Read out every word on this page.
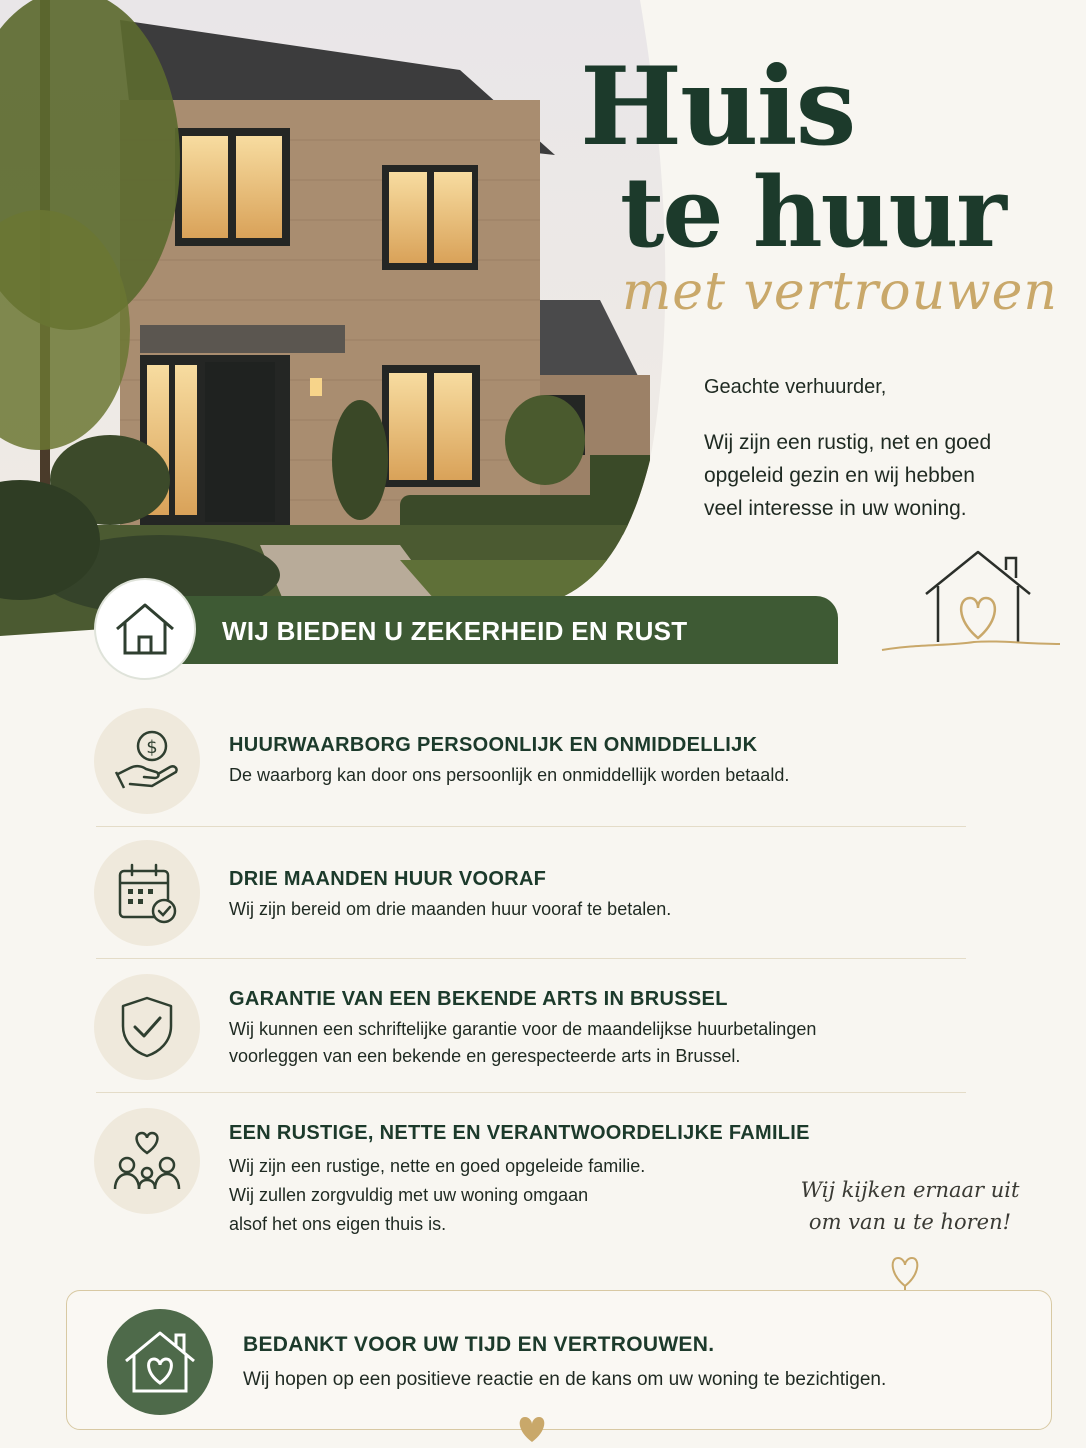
Huis
te huur
met vertrouwen
Geachte verhuurder,
Wij zijn een rustig, net en goed opgeleid gezin en wij hebben veel interesse in uw woning.
WIJ BIEDEN U ZEKERHEID EN RUST
$	HUURWAARBORG PERSOONLIJK EN ONMIDDELLIJK
De waarborg kan door ons persoonlijk en onmiddellijk worden betaald.
DRIE MAANDEN HUUR VOORAF
Wij zijn bereid om drie maanden huur vooraf te betalen.
GARANTIE VAN EEN BEKENDE ARTS IN BRUSSEL
Wij kunnen een schriftelijke garantie voor de maandelijkse huurbetalingen
voorleggen van een bekende en gerespecteerde arts in Brussel.
EEN RUSTIGE, NETTE EN VERANTWOORDELIJKE FAMILIE
Wij zijn een rustige, nette en goed opgeleide familie.
Wij zullen zorgvuldig met uw woning omgaan
alsof het ons eigen thuis is.
Wij kijken ernaar uit
om van u te horen!
BEDANKT VOOR UW TIJD EN VERTROUWEN.
Wij hopen op een positieve reactie en de kans om uw woning te bezichtigen.
